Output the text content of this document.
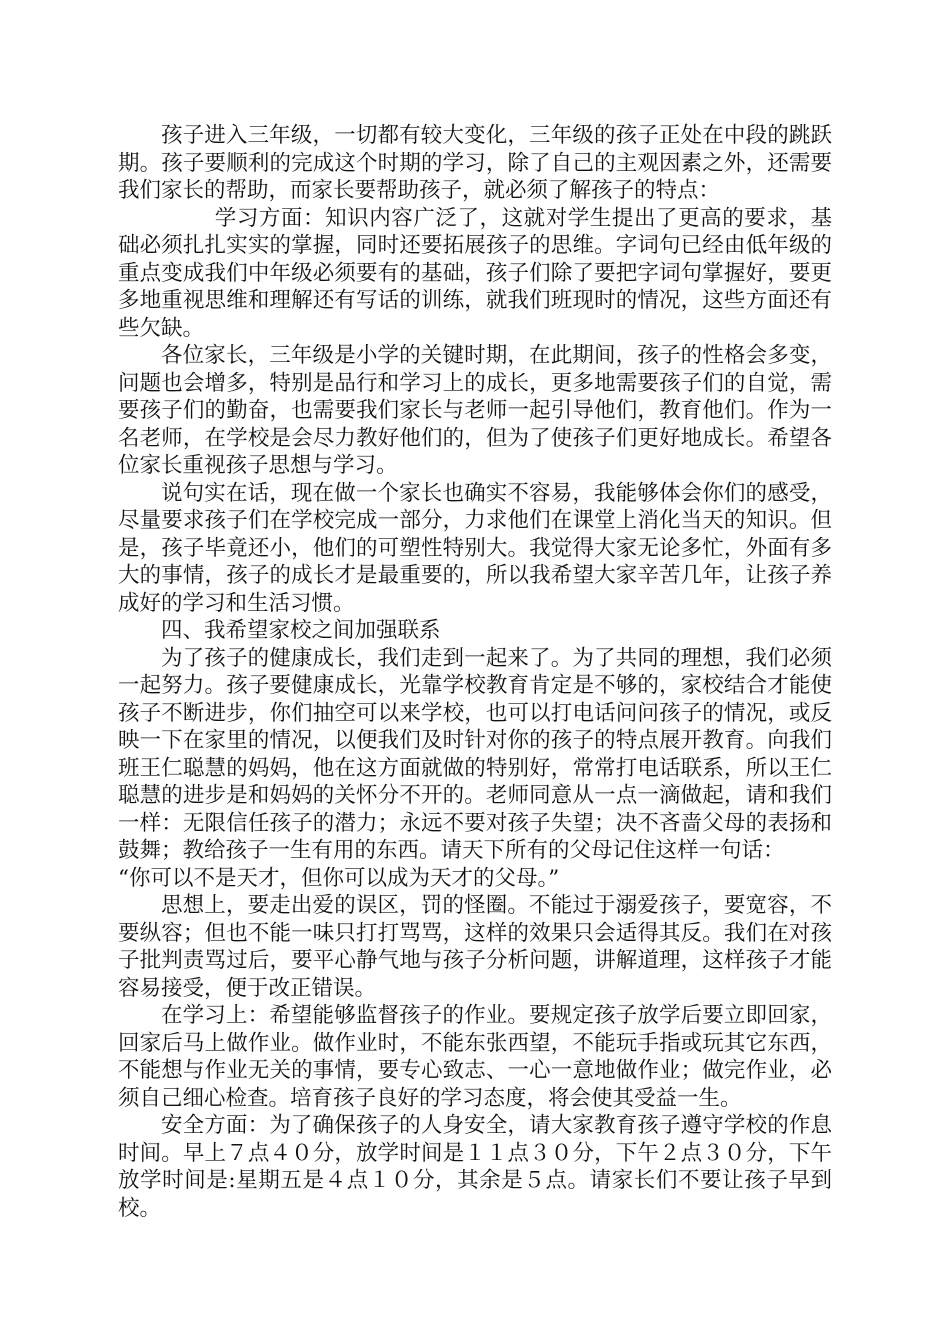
孩子进入三年级，一切都有较大变化，三年级的孩子正处在中段的跳跃期。孩子要顺利的完成这个时期的学习，除了自己的主观因素之外，还需要我们家长的帮助，而家长要帮助孩子，就必须了解孩子的特点：

学习方面：知识内容广泛了，这就对学生提出了更高的要求，基础必须扎扎实实的掌握，同时还要拓展孩子的思维。字词句已经由低年级的重点变成我们中年级必须要有的基础，孩子们除了要把字词句掌握好，要更多地重视思维和理解还有写话的训练，就我们班现时的情况，这些方面还有些欠缺。

各位家长，三年级是小学的关键时期，在此期间，孩子的性格会多变，问题也会增多，特别是品行和学习上的成长，更多地需要孩子们的自觉，需要孩子们的勤奋，也需要我们家长与老师一起引导他们，教育他们。作为一名老师，在学校是会尽力教好他们的，但为了使孩子们更好地成长。希望各位家长重视孩子思想与学习。

说句实在话，现在做一个家长也确实不容易，我能够体会你们的感受，尽量要求孩子们在学校完成一部分，力求他们在课堂上消化当天的知识。但是，孩子毕竟还小，他们的可塑性特别大。我觉得大家无论多忙，外面有多大的事情，孩子的成长才是最重要的，所以我希望大家辛苦几年，让孩子养成好的学习和生活习惯。

四、我希望家校之间加强联系

为了孩子的健康成长，我们走到一起来了。为了共同的理想，我们必须一起努力。孩子要健康成长，光靠学校教育肯定是不够的，家校结合才能使孩子不断进步，你们抽空可以来学校，也可以打电话问问孩子的情况，或反映一下在家里的情况，以便我们及时针对你的孩子的特点展开教育。向我们班王仁聪慧的妈妈，他在这方面就做的特别好，常常打电话联系，所以王仁聪慧的进步是和妈妈的关怀分不开的。老师同意从一点一滴做起，请和我们一样：无限信任孩子的潜力；永远不要对孩子失望；决不吝啬父母的表扬和鼓舞；教给孩子一生有用的东西。请天下所有的父母记住这样一句话：

“你可以不是天才，但你可以成为天才的父母。”

思想上，要走出爱的误区，罚的怪圈。不能过于溺爱孩子，要宽容，不要纵容；但也不能一味只打打骂骂，这样的效果只会适得其反。我们在对孩子批判责骂过后，要平心静气地与孩子分析问题，讲解道理，这样孩子才能容易接受，便于改正错误。

在学习上：希望能够监督孩子的作业。要规定孩子放学后要立即回家，回家后马上做作业。做作业时，不能东张西望，不能玩手指或玩其它东西，不能想与作业无关的事情，要专心致志、一心一意地做作业；做完作业，必须自己细心检查。培育孩子良好的学习态度，将会使其受益一生。

安全方面：为了确保孩子的人身安全，请大家教育孩子遵守学校的作息时间。早上７点４０分，放学时间是１１点３０分，下午２点３０分，下午放学时间是:星期五是４点１０分，其余是５点。请家长们不要让孩子早到校。
